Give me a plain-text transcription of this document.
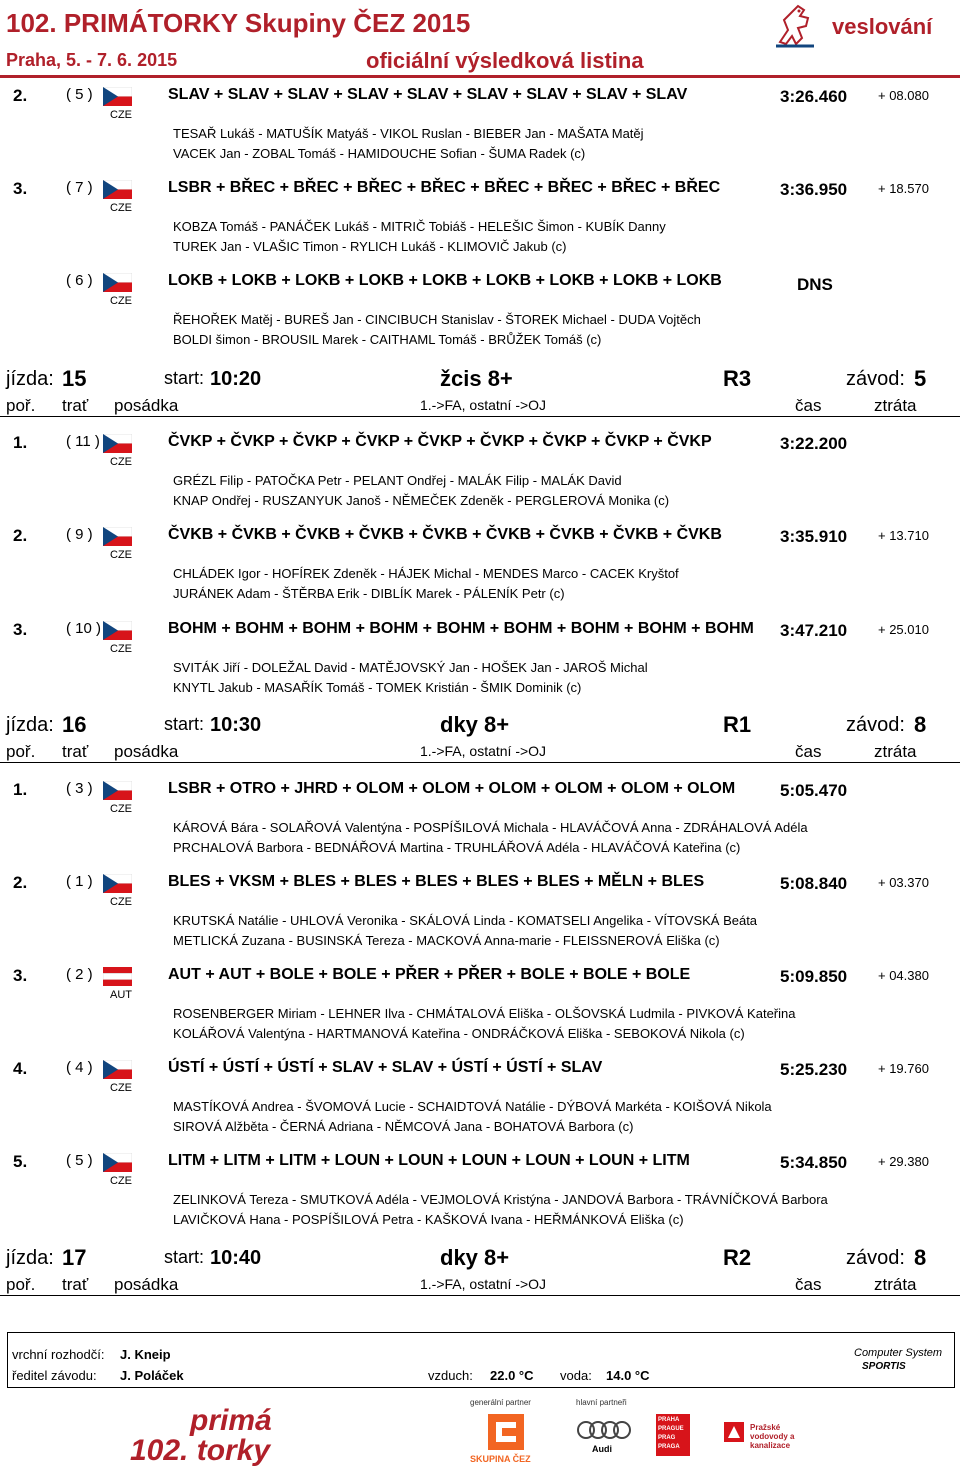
102. PRIMÁTORKY Skupiny ČEZ 2015
Praha, 5. - 7. 6. 2015	oficiální výsledková listina
veslování
2.	( 5 )
CZE
SLAV + SLAV + SLAV + SLAV + SLAV + SLAV + SLAV + SLAV + SLAV	3:26.460 + 08.080
TESAŘ Lukáš - MATUŠÍK Matyáš - VIKOL Ruslan - BIEBER Jan - MAŠATA Matěj
VACEK Jan - ZOBAL Tomáš - HAMIDOUCHE Sofian - ŠUMA Radek (c)
3.	( 7 )
CZE
LSBR + BŘEC + BŘEC + BŘEC + BŘEC + BŘEC + BŘEC + BŘEC + BŘEC	3:36.950 + 18.570
KOBZA Tomáš - PANÁČEK Lukáš - MITRIČ Tobiáš - HELEŠIC Šimon - KUBÍK Danny
TUREK Jan - VLAŠIC Timon - RYLICH Lukáš - KLIMOVIČ Jakub (c)
( 6 )
CZE
LOKB + LOKB + LOKB + LOKB + LOKB + LOKB + LOKB + LOKB + LOKB	DNS
ŘEHOŘEK Matěj - BUREŠ Jan - CINCIBUCH Stanislav - ŠTOREK Michael - DUDA Vojtěch
BOLDI šimon - BROUSIL Marek - CAITHAML Tomáš - BRŮŽEK Tomáš (c)
jízda: 15	start: 10:20	žcis 8+	R3	závod: 5
poř. trať posádka	1.->FA, ostatní ->OJ	čas	ztráta
1.	( 11 )
CZE
ČVKP + ČVKP + ČVKP + ČVKP + ČVKP + ČVKP + ČVKP + ČVKP + ČVKP	3:22.200
GRÉZL Filip - PATOČKA Petr - PELANT Ondřej - MALÁK Filip - MALÁK David
KNAP Ondřej - RUSZANYUK Janoš - NĚMEČEK Zdeněk - PERGLEROVÁ Monika (c)
2.	( 9 )
CZE
ČVKB + ČVKB + ČVKB + ČVKB + ČVKB + ČVKB + ČVKB + ČVKB + ČVKB	3:35.910 + 13.710
CHLÁDEK Igor - HOFÍREK Zdeněk - HÁJEK Michal - MENDES Marco - CACEK Kryštof
JURÁNEK Adam - ŠTĚRBA Erik - DIBLÍK Marek - PÁLENÍK Petr (c)
3.	( 10 )
CZE
BOHM + BOHM + BOHM + BOHM + BOHM + BOHM + BOHM + BOHM + BOHM 3:47.210 + 25.010
SVITÁK Jiří - DOLEŽAL David - MATĚJOVSKÝ Jan - HOŠEK Jan - JAROŠ Michal
KNYTL Jakub - MASAŘÍK Tomáš - TOMEK Kristián - ŠMIK Dominik (c)
jízda: 16	start: 10:30	dky 8+	R1	závod: 8
poř. trať posádka	1.->FA, ostatní ->OJ	čas	ztráta
1.	( 3 )
CZE
LSBR + OTRO + JHRD + OLOM + OLOM + OLOM + OLOM + OLOM + OLOM	5:05.470
KÁROVÁ Bára - SOLAŘOVÁ Valentýna - POSPÍŠILOVÁ Michala - HLAVÁČOVÁ Anna - ZDRÁHALOVÁ Adéla
PRCHALOVÁ Barbora - BEDNÁŘOVÁ Martina - TRUHLÁŘOVÁ Adéla - HLAVÁČOVÁ Kateřina (c)
2.	( 1 )
CZE
BLES + VKSM + BLES + BLES + BLES + BLES + BLES + MĚLN + BLES	5:08.840 + 03.370
KRUTSKÁ Natálie - UHLOVÁ Veronika - SKÁLOVÁ Linda - KOMATSELI Angelika - VÍTOVSKÁ Beáta
METLICKÁ Zuzana - BUSINSKÁ Tereza - MACKOVÁ Anna-marie - FLEISSNEROVÁ Eliška (c)
3.	( 2 )
AUT
AUT + AUT + BOLE + BOLE + PŘER + PŘER + BOLE + BOLE + BOLE	5:09.850 + 04.380
ROSENBERGER Miriam - LEHNER Ilva - CHMÁTALOVÁ Eliška - OLŠOVSKÁ Ludmila - PIVKOVÁ Kateřina
KOLÁŘOVÁ Valentýna - HARTMANOVÁ Kateřina - ONDRÁČKOVÁ Eliška - SEBOKOVÁ Nikola (c)
4.	( 4 )
CZE
ÚSTÍ + ÚSTÍ + ÚSTÍ + SLAV + SLAV + ÚSTÍ + ÚSTÍ + SLAV	5:25.230 + 19.760
MASTÍKOVÁ Andrea - ŠVOMOVÁ Lucie - SCHAIDTOVÁ Natálie - DÝBOVÁ Markéta - KOIŠOVÁ Nikola
SIROVÁ Alžběta - ČERNÁ Adriana - NĚMCOVÁ Jana - BOHATOVÁ Barbora (c)
5.	( 5 )
CZE
LITM + LITM + LITM + LOUN + LOUN + LOUN + LOUN + LOUN + LITM	5:34.850 + 29.380
ZELINKOVÁ Tereza - SMUTKOVÁ Adéla - VEJMOLOVÁ Kristýna - JANDOVÁ Barbora - TRÁVNÍČKOVÁ Barbora
LAVIČKOVÁ Hana - POSPÍŠILOVÁ Petra - KAŠKOVÁ Ivana - HEŘMÁNKOVÁ Eliška (c)
jízda: 17	start: 10:40	dky 8+	R2	závod: 8
poř. trať posádka	1.->FA, ostatní ->OJ	čas	ztráta
vrchní rozhodčí: J. Kneip
ředitel závodu: J. Poláček	vzduch: 22.0 °C voda: 14.0 °C
Computer System
SPORTIS
primá
102. torky
generální partner
SKUPINA ČEZ
hlavní partneři
Audi
PRAHA PRAGUE PRAG PRAGA
Pražské vodovody a kanalizace
